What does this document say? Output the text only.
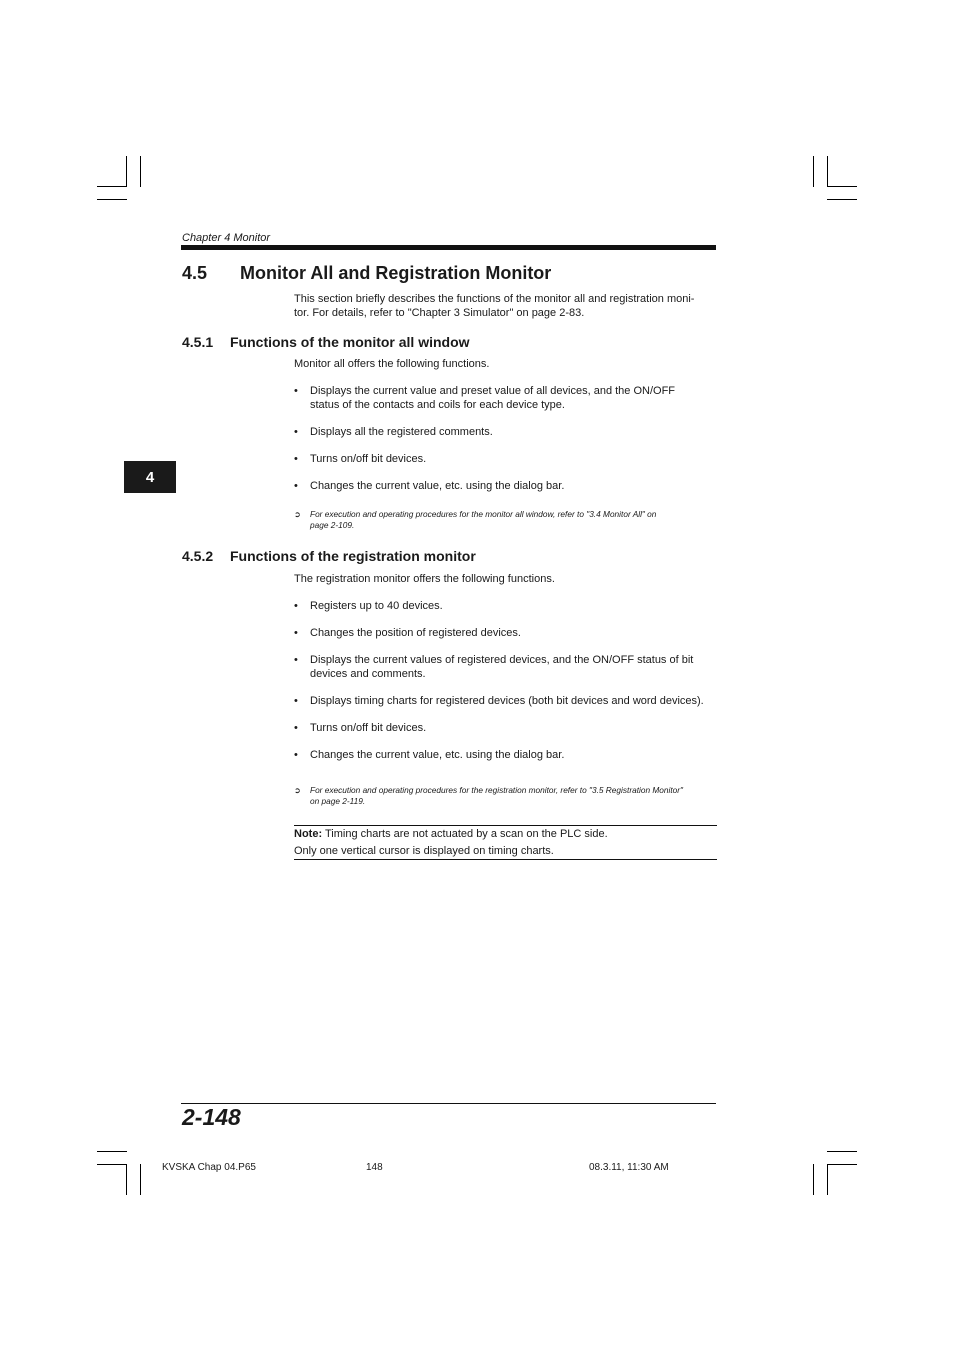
Chapter 4 Monitor
4
4.5 Monitor All and Registration Monitor
This section briefly describes the functions of the monitor all and registration moni-
tor. For details, refer to "Chapter 3 Simulator" on page 2-83.
4.5.1 Functions of the monitor all window
Monitor all offers the following functions.
• Displays the current value and preset value of all devices, and the ON/OFF
status of the contacts and coils for each device type.
• Displays all the registered comments.
• Turns on/off bit devices.
• Changes the current value, etc. using the dialog bar.
➲ For execution and operating procedures for the monitor all window, refer to "3.4 Monitor All" on
page 2-109.
4.5.2 Functions of the registration monitor
The registration monitor offers the following functions.
• Registers up to 40 devices.
• Changes the position of registered devices.
• Displays the current values of registered devices, and the ON/OFF status of bit
devices and comments.
• Displays timing charts for registered devices (both bit devices and word devices).
• Turns on/off bit devices.
• Changes the current value, etc. using the dialog bar.
➲ For execution and operating procedures for the registration monitor, refer to "3.5 Registration Monitor"
on page 2-119.
Note: Timing charts are not actuated by a scan on the PLC side.
Only one vertical cursor is displayed on timing charts.
2-148
KVSKA Chap 04.P65	148	08.3.11, 11:30 AM
